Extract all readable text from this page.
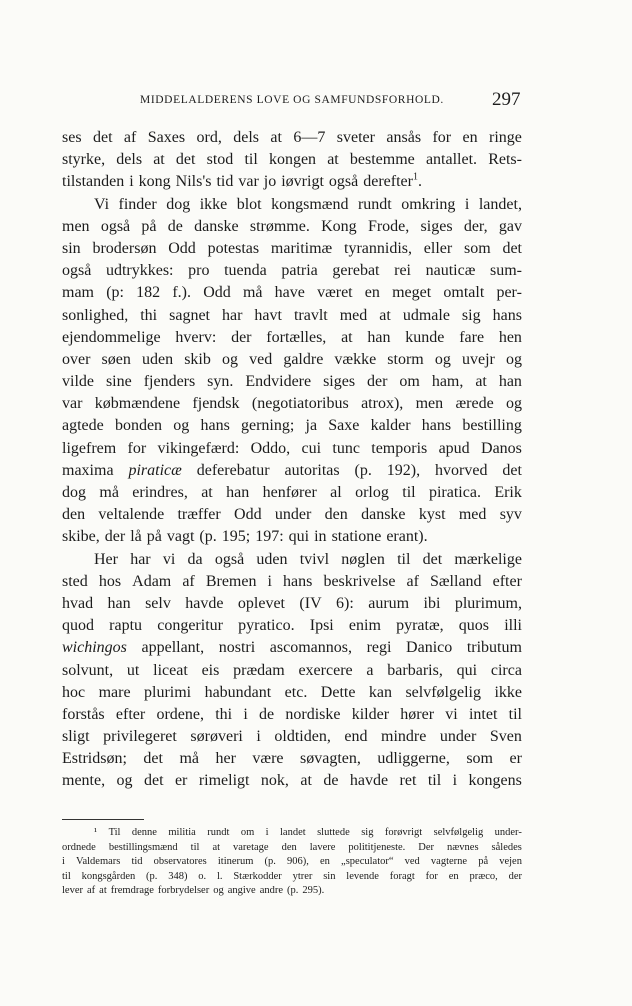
MIDDELALDERENS LOVE OG SAMFUNDSFORHOLD.	297
ses det af Saxes ord, dels at 6—7 sveter ansås for en ringe
styrke, dels at det stod til kongen at bestemme antallet. Rets-
tilstanden i kong Nils's tid var jo iøvrigt også derefter$^1$.
Vi finder dog ikke blot kongsmænd rundt omkring i landet,
men også på de danske strømme. Kong Frode, siges der, gav
sin brodersøn Odd potestas maritimæ tyrannidis, eller som det
også udtrykkes: pro tuenda patria gerebat rei nauticæ sum-
mam (p: 182 f.). Odd må have været en meget omtalt per-
sonlighed, thi sagnet har havt travlt med at udmale sig hans
ejendommelige hverv: der fortælles, at han kunde fare hen
over søen uden skib og ved galdre vække storm og uvejr og
vilde sine fjenders syn. Endvidere siges der om ham, at han
var købmændene fjendsk (negotiatoribus atrox), men ærede og
agtede bonden og hans gerning; ja Saxe kalder hans bestilling
ligefrem for vikingefærd: Oddo, cui tunc temporis apud Danos
maxima piraticæ deferebatur autoritas (p. 192), hvorved det
dog må erindres, at han henfører al orlog til piratica. Erik
den veltalende træffer Odd under den danske kyst med syv
skibe, der lå på vagt (p. 195; 197: qui in statione erant).
Her har vi da også uden tvivl nøglen til det mærkelige
sted hos Adam af Bremen i hans beskrivelse af Sælland efter
hvad han selv havde oplevet (IV 6): aurum ibi plurimum,
quod raptu congeritur pyratico. Ipsi enim pyratæ, quos illi
wichingos appellant, nostri ascomannos, regi Danico tributum
solvunt, ut liceat eis prædam exercere a barbaris, qui circa
hoc mare plurimi habundant etc. Dette kan selvfølgelig ikke
forstås efter ordene, thi i de nordiske kilder hører vi intet til
sligt privilegeret sørøveri i oldtiden, end mindre under Sven
Estridsøn; det må her være søvagten, udliggerne, som er
mente, og det er rimeligt nok, at de havde ret til i kongens
¹ Til denne militia rundt om i landet sluttede sig forøvrigt selvfølgelig under-
ordnede bestillingsmænd til at varetage den lavere polititjeneste. Der nævnes således
i Valdemars tid observatores itinerum (p. 906), en „speculator“ ved vagterne på vejen
til kongsgården (p. 348) o. l. Stærkodder ytrer sin levende foragt for en præco, der
lever af at fremdrage forbrydelser og angive andre (p. 295).
